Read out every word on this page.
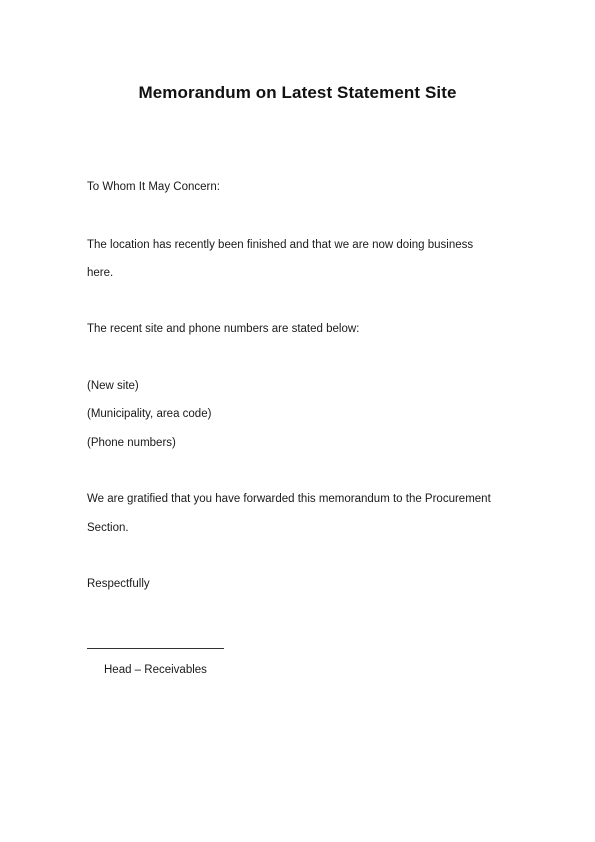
Memorandum on Latest Statement Site
To Whom It May Concern:
The location has recently been finished and that we are now doing business
here.
The recent site and phone numbers are stated below:
(New site)
(Municipality, area code)
(Phone numbers)
We are gratified that you have forwarded this memorandum to the Procurement
Section.
Respectfully
Head – Receivables
